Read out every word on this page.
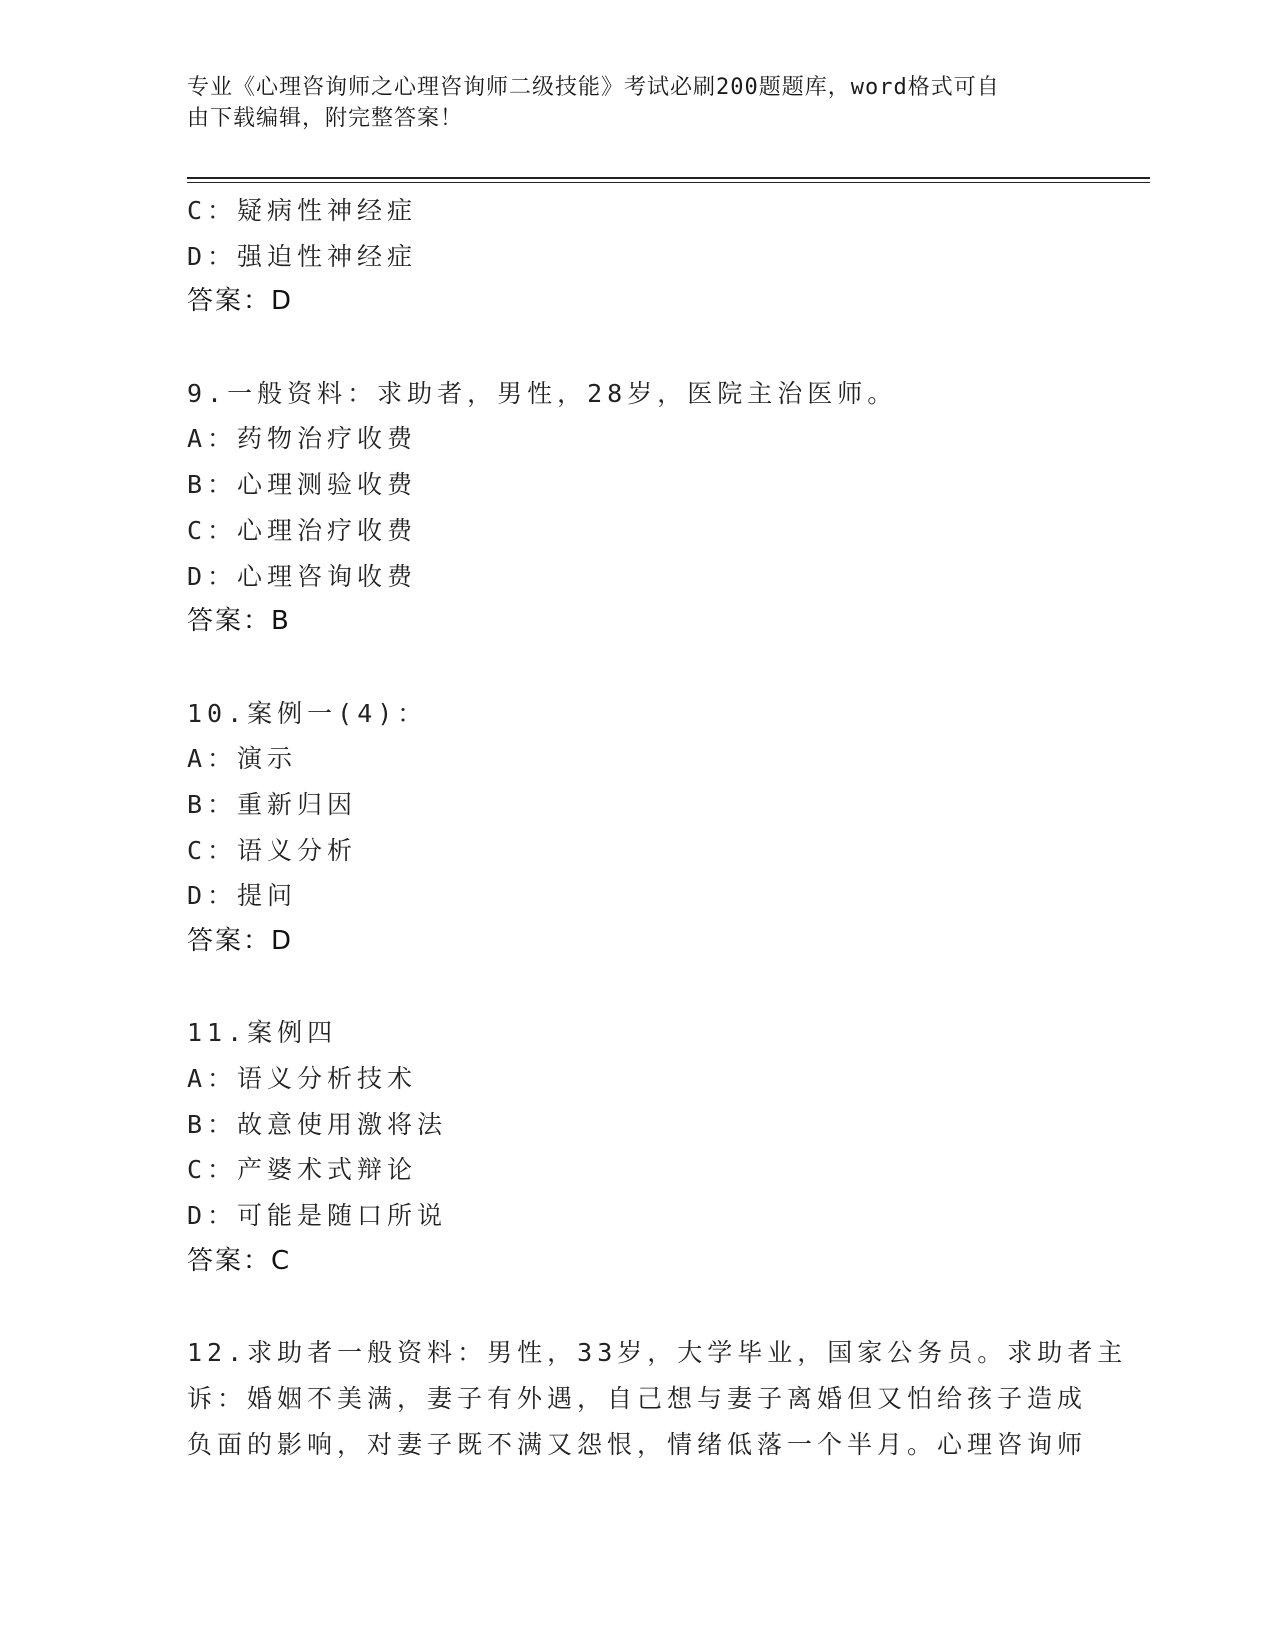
专业《心理咨询师之心理咨询师二级技能》考试必刷200题题库，word格式可自
由下载编辑，附完整答案！
C：疑病性神经症
D：强迫性神经症
答案：D
9.一般资料：求助者，男性，28岁，医院主治医师。
A：药物治疗收费
B：心理测验收费
C：心理治疗收费
D：心理咨询收费
答案：B
10.案例一(4)：
A：演示
B：重新归因
C：语义分析
D：提问
答案：D
11.案例四
A：语义分析技术
B：故意使用激将法
C：产婆术式辩论
D：可能是随口所说
答案：C
12.求助者一般资料：男性，33岁，大学毕业，国家公务员。求助者主
诉：婚姻不美满，妻子有外遇，自己想与妻子离婚但又怕给孩子造成
负面的影响，对妻子既不满又怨恨，情绪低落一个半月。心理咨询师
